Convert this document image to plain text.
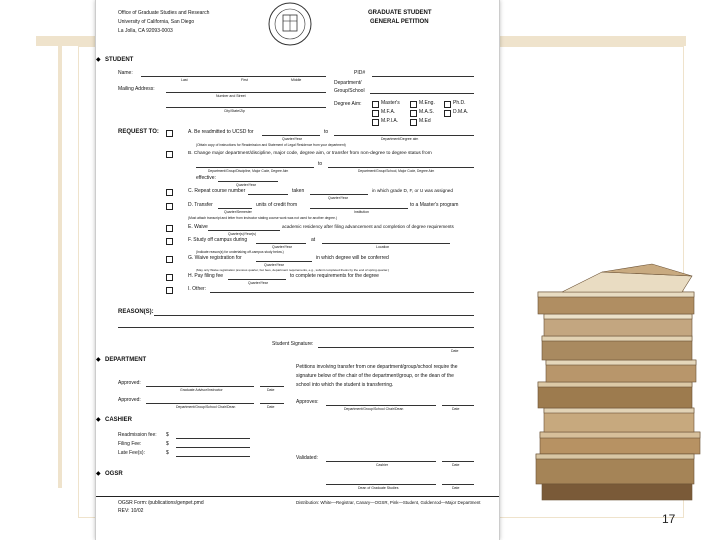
17
Office of Graduate Studies and Research
University of California, San Diego
La Jolla, CA 92093-0003
GRADUATE STUDENT
GENERAL PETITION
◆ STUDENT
Name:
Last	First	Middle
PID#
Mailing Address:
Number and Street
City/State/Zip
Department/
Group/School
Degree Aim:	Master's	M.Eng.	Ph.D.
M.F.A.	M.A.S.	D.M.A.
M.P.I.A.	M.Ed
REQUEST TO:	A. Be readmitted to UCSD for	to
Quarter/Year	Department/Degree aim
(Obtain copy of instructions for Readmission and Statement of Legal Residence from your department)
B. Change major department/discipline, major code, degree aim, or transfer from non-degree to degree status from
to
Department/Group/Discipline, Major Code, Degree Aim	Department/Group/School, Major Code, Degree Aim
effective:
Quarter/Year
C. Repeat course number	taken	in which grade D, F, or U was assigned
Quarter/Year
D. Transfer	units of credit from	to a Master's program
Quarter/Semester	Institution
(Must attach transcript and letter from instructor stating course work was not used for another degree.)
E. Waive	academic residency after filing advancement and completion of degree requirements
Quarter(s)/Year(s)
F. Study off campus during	at
Quarter/Year	Location
(Indicate reason(s) for undertaking off-campus study below.)
G. Waive registration for	in which degree will be conferred
Quarter/Year
(May only Waive registration previous quarter, but fees, department requirements, e.g., submit completed thesis by the end of spring quarter.)
H. Pay filing fee	to complete requirements for the degree
Quarter/Year
I. Other:
REASON(S):
Student Signature:
Date
◆ DEPARTMENT
Petitions involving transfer from one department/group/school require the
signature below of the chair of the department/group, or the dean of the
school into which the student is transferring.
Approved:
Graduate Advisor/Instructor	Date
Approved:
Department/Group/School Chair/Dean	Date
Approves:
Department/Group/School Chair/Dean	Date
◆ CASHIER
Readmission fee: $
Filing Fee:	$
Late Fee(s):	$
Validated:
Cashier	Date
◆ OGSR
Dean of Graduate Studies	Date
OGSR Form: /publications/genpet.pmd
REV: 10/02
Distribution: White—Registrar, Canary—OGSR, Pink—Student, Goldenrod—Major Department
